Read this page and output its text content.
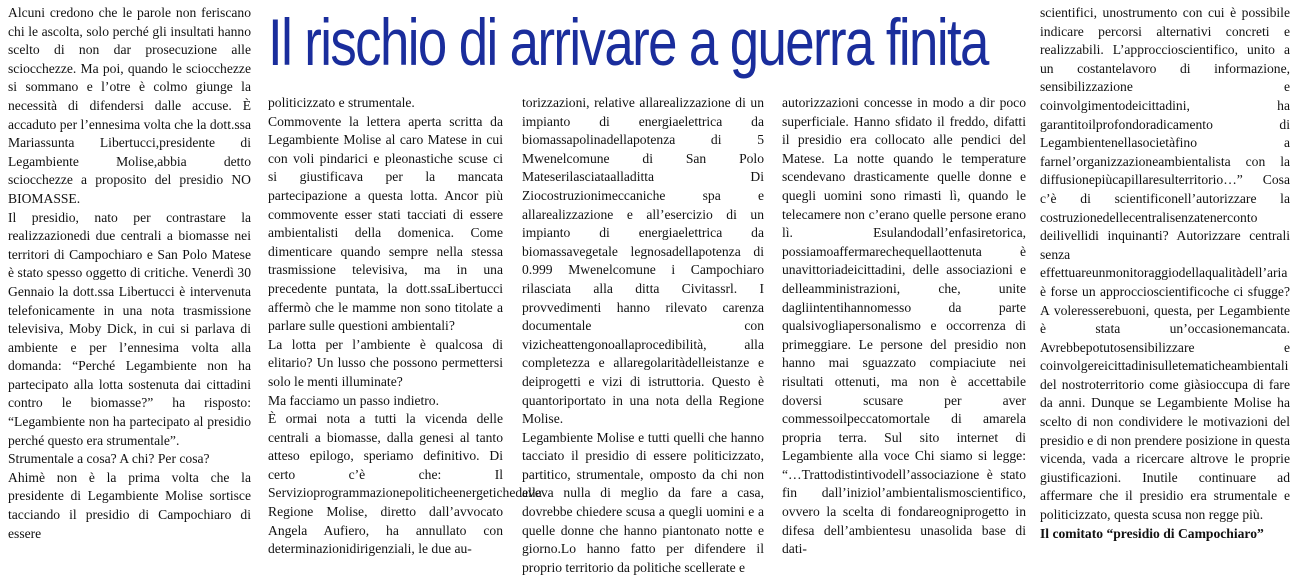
Il rischio di arrivare a guerra finita

Alcuni credono che le parole non feriscano chi le ascolta, solo perché gli insultati hanno scelto di non dar prosecuzione alle sciocchezze. Ma poi, quando le sciocchezze si sommano e l’otre è colmo giunge la necessità di difendersi dalle accuse. È accaduto per l’ennesima volta che la dott.ssa Mariassunta Libertucci,presidente di Legambiente Molise,abbia detto sciocchezze a proposito del presidio NO BIOMASSE.

Il presidio, nato per contrastare la realizzazionedi due centrali a biomasse nei territori di Campochiaro e San Polo Matese è stato spesso oggetto di critiche. Venerdì 30 Gennaio la dott.ssa Libertucci è intervenuta telefonicamente in una nota trasmissione televisiva, Moby Dick, in cui si parlava di ambiente e per l’ennesima volta alla domanda: “Perché Legambiente non ha partecipato alla lotta sostenuta dai cittadini contro le biomasse?” ha risposto: “Legambiente non ha partecipato al presidio perché questo era strumentale”.

Strumentale a cosa? A chi? Per cosa?

Ahimè non è la prima volta che la presidente di Legambiente Molise sortisce tacciando il presidio di Campochiaro di essere

politicizzato e strumentale.

Commovente la lettera aperta scritta da Legambiente Molise al caro Matese in cui con voli pindarici e pleonastiche scuse ci si giustificava per la mancata partecipazione a questa lotta. Ancor più commovente esser stati tacciati di essere ambientalisti della domenica. Come dimenticare quando sempre nella stessa trasmissione televisiva, ma in una precedente puntata, la dott.ssaLibertucci affermò che le mamme non sono titolate a parlare sulle questioni ambientali?

La lotta per l’ambiente è qualcosa di elitario? Un lusso che possono permettersi solo le menti illuminate?

Ma facciamo un passo indietro.

È ormai nota a tutti la vicenda delle centrali a biomasse, dalla genesi al tanto atteso epilogo, speriamo definitivo. Di certo c’è che: Il Servizioprogrammazionepoliticheenergetichedella Regione Molise, diretto dall’avvocato Angela Aufiero, ha annullato con determinazionidirigenziali, le due au-

torizzazioni, relative allarealizzazione di un impianto di energiaelettrica da biomassapolinadellapotenza di 5 Mwenelcomune di San Polo Mateserilasciataalladitta Di Ziocostruzionimeccaniche spa e allarealizzazione e all’esercizio di un impianto di energiaelettrica da biomassavegetale legnosadellapotenza di 0.999 Mwenelcomune i Campochiaro rilasciata alla ditta Civitassrl. I provvedimenti hanno rilevato carenza documentale con vizicheattengonoallaprocedibilità, alla completezza e allaregolaritàdelleistanze e deiprogetti e vizi di istruttoria. Questo è quantoriportato in una nota della Regione Molise.

Legambiente Molise e tutti quelli che hanno tacciato il presidio di essere politicizzato, partitico, strumentale, omposto da chi non aveva nulla di meglio da fare a casa, dovrebbe chiedere scusa a quegli uomini e a quelle donne che hanno piantonato notte e giorno.Lo hanno fatto per difendere il proprio territorio da politiche scellerate e

autorizzazioni concesse in modo a dir poco superficiale. Hanno sfidato il freddo, difatti il presidio era collocato alle pendici del Matese. La notte quando le temperature scendevano drasticamente quelle donne e quegli uomini sono rimasti lì, quando le telecamere non c’erano quelle persone erano lì. Esulandodall’enfasiretorica, possiamoaffermarechequellaottenuta è unavittoriadeicittadini, delle associazioni e delleamministrazioni, che, unite dagliintentihannomesso da parte qualsivogliapersonalismo e occorrenza di primeggiare. Le persone del presidio non hanno mai sguazzato compiaciute nei risultati ottenuti, ma non è accettabile doversi scusare per aver commessoilpeccatomortale di amarela propria terra. Sul sito internet di Legambiente alla voce Chi siamo si legge: “…Trattodistintivodell’associazione è stato fin dall’iniziol’ambientalismoscientifico, ovvero la scelta di fondareogniprogetto in difesa dell’ambientesu unasolida base di dati-

scientifici, unostrumento con cui è possibile indicare percorsi alternativi concreti e realizzabili. L’approccioscientifico, unito a un costantelavoro di informazione, sensibilizzazione e coinvolgimentodeicittadini, ha garantitoilprofondoradicamento di Legambientenellasocietàfino a farnel’organizzazioneambientalista con la diffusionepiùcapillaresulterritorio…” Cosa c’è di scientificonell’autorizzare la costruzionedellecentralisenzatenerconto deilivellidi inquinanti? Autorizzare centrali senza effettuareunmonitoraggiodellaqualitàdell’aria è forse un approccioscientificoche ci sfugge? A voleresserebuoni, questa, per Legambiente è stata un’occasionemancata. Avrebbepotutosensibilizzare e coinvolgereicittadinisulletematicheambientali del nostroterritorio come giàsioccupa di fare da anni. Dunque se Legambiente Molise ha scelto di non condividere le motivazioni del presidio e di non prendere posizione in questa vicenda, vada a ricercare altrove le proprie giustificazioni. Inutile continuare ad affermare che il presidio era strumentale e politicizzato, questa scusa non regge più.

Il comitato “presidio di Campochiaro”
